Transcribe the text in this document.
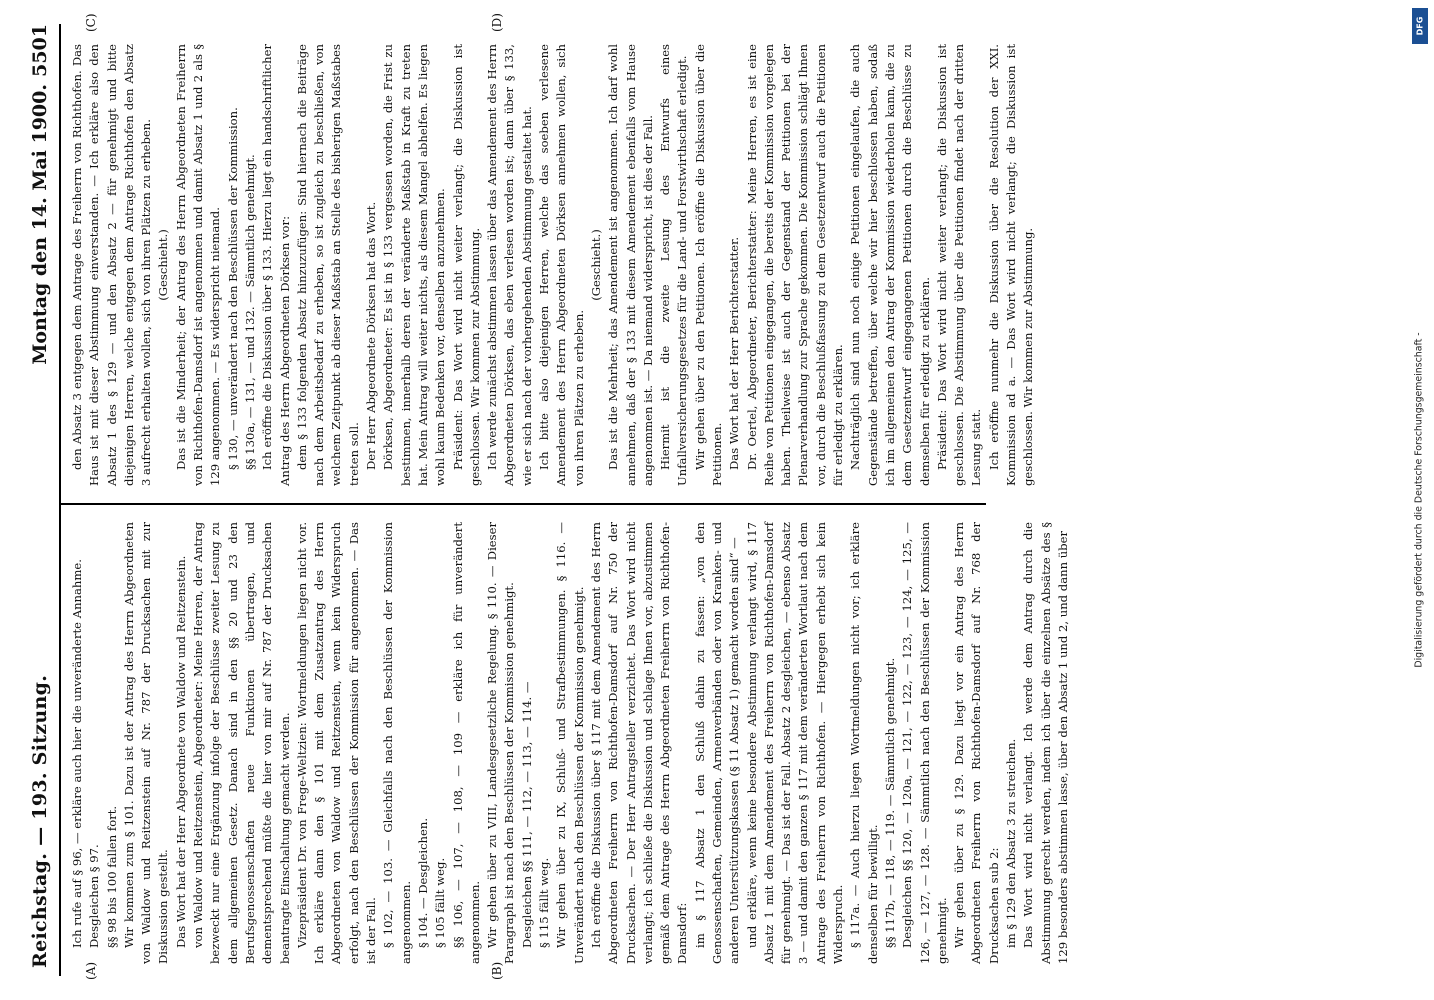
Reichstag. — 193. Sitzung.
Montag den 14. Mai 1900.
5501
(A)	(B)

Ich rufe auf § 96, — erkläre auch hier die unveränderte Annahme. Desgleichen § 97. §§ 98 bis 100 fallen fort. Wir kommen zum § 101. Dazu ist der Antrag des Herrn Abgeordneten von Waldow und Reitzenstein auf Nr. 787 der Drucksachen mit zur Diskussion gestellt. Das Wort hat der Herr Abgeordnete von Waldow und Reitzenstein. von Waldow und Reitzenstein, Abgeordneter: Meine Herren, der Antrag bezweckt nur eine Ergänzung infolge der Beschlüsse zweiter Lesung zu dem allgemeinen Gesetz. Danach sind in den §§ 20 und 23 den Berufsgenossenschaften neue Funktionen übertragen, und dementsprechend müßte die hier von mir auf Nr. 787 der Drucksachen beantragte Einschaltung gemacht werden. Vizepräsident Dr. von Frege-Weltzien: Wortmeldungen liegen nicht vor. Ich erkläre dann den § 101 mit dem Zusatzantrag des Herrn Abgeordneten von Waldow und Reitzenstein, wenn kein Widerspruch erfolgt, nach den Beschlüssen der Kommission für angenommen. — Das ist der Fall. § 102, — 103. — Gleichfalls nach den Beschlüssen der Kommission angenommen. § 104. — Desgleichen. § 105 fällt weg. §§ 106, — 107, — 108, — 109 — erkläre ich für unverändert angenommen. Wir gehen über zu VIII, Landesgesetzliche Regelung. § 110. — Dieser Paragraph ist nach den Beschlüssen der Kommission genehmigt. Desgleichen §§ 111, — 112, — 113, — 114. — § 115 fällt weg. Wir gehen über zu IX, Schluß- und Strafbestimmungen. § 116. — Unverändert nach den Beschlüssen der Kommission genehmigt. Ich eröffne die Diskussion über § 117 mit dem Amendement des Herrn Abgeordneten Freiherrn von Richthofen-Damsdorf auf Nr. 750 der Drucksachen. — Der Herr Antragsteller verzichtet. Das Wort wird nicht verlangt; ich schließe die Diskussion und schlage Ihnen vor, abzustimmen gemäß dem Antrage des Herrn Abgeordneten Freiherrn von Richthofen-Damsdorf: im § 117 Absatz 1 den Schluß dahin zu fassen: „von den Genossenschaften, Gemeinden, Armenverbänden oder von Kranken- und anderen Unterstützungskassen (§ 11 Absatz 1) gemacht worden sind“ — und erkläre, wenn keine besondere Abstimmung verlangt wird, § 117 Absatz 1 mit dem Amendement des Freiherrn von Richthofen-Damsdorf für genehmigt. — Das ist der Fall. Absatz 2 desgleichen, — ebenso Absatz 3 — und damit den ganzen § 117 mit dem veränderten Wortlaut nach dem Antrage des Freiherrn von Richthofen. — Hiergegen erhebt sich kein Widerspruch. § 117a. — Auch hierzu liegen Wortmeldungen nicht vor; ich erkläre denselben für bewilligt. §§ 117b, — 118, — 119. — Sämmtlich genehmigt. Desgleichen §§ 120, — 120a, — 121, — 122, — 123, — 124, — 125, — 126, — 127, — 128. — Sämmtlich nach den Beschlüssen der Kommission genehmigt. Wir gehen über zu § 129. Dazu liegt vor ein Antrag des Herrn Abgeordneten Freiherrn von Richthofen-Damsdorf auf Nr. 768 der Drucksachen sub 2: im § 129 den Absatz 3 zu streichen. Das Wort wird nicht verlangt. Ich werde dem Antrag durch die Abstimmung gerecht werden, indem ich über die einzelnen Absätze des § 129 besonders abstimmen lasse, über den Absatz 1 und 2, und dann über

(C)	(D)

den Absatz 3 entgegen dem Antrage des Freiherrn von Richthofen. Das Haus ist mit dieser Abstimmung einverstanden. — Ich erkläre also den Absatz 1 des § 129 — und den Absatz 2 — für genehmigt und bitte diejenigen Herren, welche entgegen dem Antrage Richthofen den Absatz 3 aufrecht erhalten wollen, sich von ihren Plätzen zu erheben. (Geschieht.) Das ist die Minderheit; der Antrag des Herrn Abgeordneten Freiherrn von Richthofen-Damsdorf ist angenommen und damit Absatz 1 und 2 als § 129 angenommen. — Es widerspricht niemand. § 130, — unverändert nach den Beschlüssen der Kommission. §§ 130a, — 131, — und 132. — Sämmtlich genehmigt. Ich eröffne die Diskussion über § 133. Hierzu liegt ein handschriftlicher Antrag des Herrn Abgeordneten Dörksen vor: dem § 133 folgenden Absatz hinzuzufügen: Sind hiernach die Beiträge nach dem Arbeitsbedarf zu erheben, so ist zugleich zu beschließen, von welchem Zeitpunkt ab dieser Maßstab an Stelle des bisherigen Maßstabes treten soll. Der Herr Abgeordnete Dörksen hat das Wort. Dörksen, Abgeordneter: Es ist in § 133 vergessen worden, die Frist zu bestimmen, innerhalb deren der veränderte Maßstab in Kraft zu treten hat. Mein Antrag will weiter nichts, als diesem Mangel abhelfen. Es liegen wohl kaum Bedenken vor, denselben anzunehmen. Präsident: Das Wort wird nicht weiter verlangt; die Diskussion ist geschlossen. Wir kommen zur Abstimmung. Ich werde zunächst abstimmen lassen über das Amendement des Herrn Abgeordneten Dörksen, das eben verlesen worden ist; dann über § 133, wie er sich nach der vorhergehenden Abstimmung gestaltet hat. Ich bitte also diejenigen Herren, welche das soeben verlesene Amendement des Herrn Abgeordneten Dörksen annehmen wollen, sich von ihren Plätzen zu erheben.

(Geschieht.) Das ist die Mehrheit; das Amendement ist angenommen. Ich darf wohl annehmen, daß der § 133 mit diesem Amendement ebenfalls vom Hause angenommen ist. — Da niemand widerspricht, ist dies der Fall. Hiermit ist die zweite Lesung des Entwurfs eines Unfallversicherungsgesetzes für die Land- und Forstwirthschaft erledigt. Wir gehen über zu den Petitionen. Ich eröffne die Diskussion über die Petitionen. Das Wort hat der Herr Berichterstatter. Dr. Oertel, Abgeordneter, Berichterstatter: Meine Herren, es ist eine Reihe von Petitionen eingegangen, die bereits der Kommission vorgelegen haben. Theilweise ist auch der Gegenstand der Petitionen bei der Plenarverhandlung zur Sprache gekommen. Die Kommission schlägt Ihnen vor, durch die Beschlußfassung zu dem Gesetzentwurf auch die Petitionen für erledigt zu erklären. Nachträglich sind nun noch einige Petitionen eingelaufen, die auch Gegenstände betreffen, über welche wir hier beschlossen haben, sodaß ich im allgemeinen den Antrag der Kommission wiederholen kann, die zu dem Gesetzentwurf eingegangenen Petitionen durch die Beschlüsse zu demselben für erledigt zu erklären. Präsident: Das Wort wird nicht weiter verlangt; die Diskussion ist geschlossen. Die Abstimmung über die Petitionen findet nach der dritten Lesung statt. Ich eröffne nunmehr die Diskussion über die Resolution der XXI. Kommission ad a. — Das Wort wird nicht verlangt; die Diskussion ist geschlossen. Wir kommen zur Abstimmung.

DFG
Digitalisierung gefördert durch die Deutsche Forschungsgemeinschaft -
